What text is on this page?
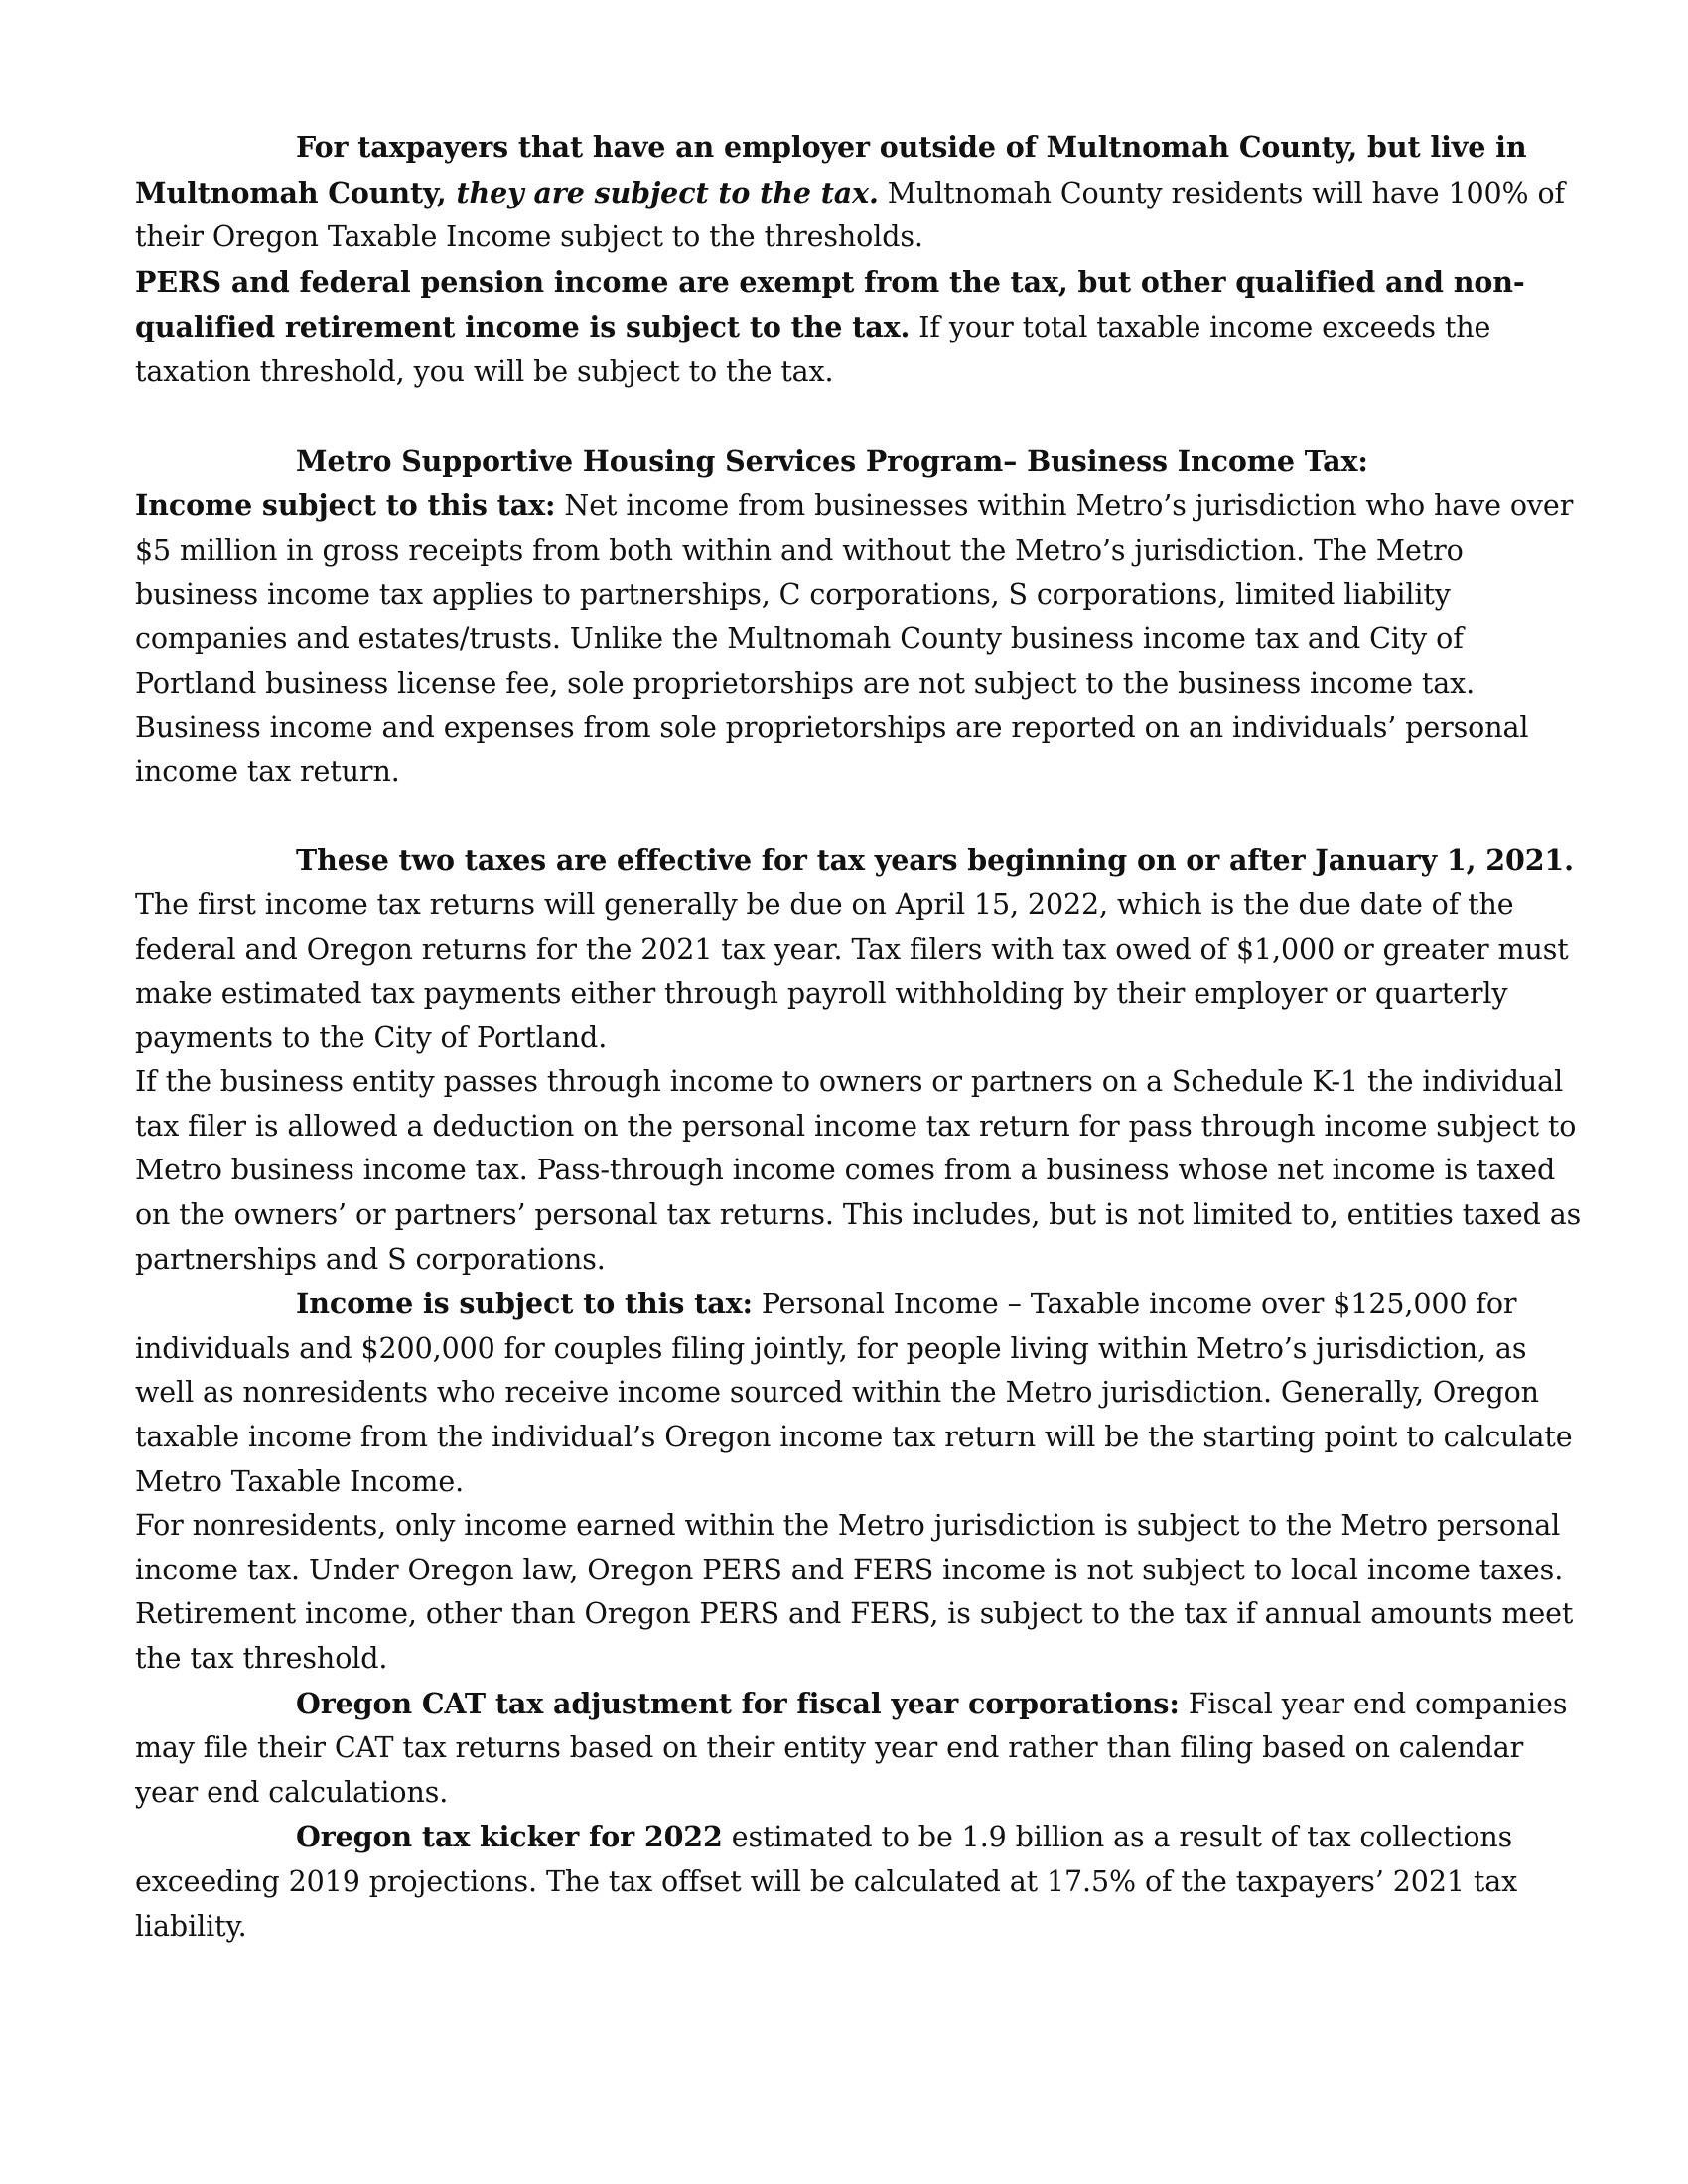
For taxpayers that have an employer outside of Multnomah County, but live in Multnomah County, they are subject to the tax. Multnomah County residents will have 100% of their Oregon Taxable Income subject to the thresholds.

PERS and federal pension income are exempt from the tax, but other qualified and non-qualified retirement income is subject to the tax. If your total taxable income exceeds the taxation threshold, you will be subject to the tax.

Metro Supportive Housing Services Program– Business Income Tax:

Income subject to this tax: Net income from businesses within Metro’s jurisdiction who have over $5 million in gross receipts from both within and without the Metro’s jurisdiction. The Metro business income tax applies to partnerships, C corporations, S corporations, limited liability companies and estates/trusts. Unlike the Multnomah County business income tax and City of Portland business license fee, sole proprietorships are not subject to the business income tax. Business income and expenses from sole proprietorships are reported on an individuals’ personal income tax return.

These two taxes are effective for tax years beginning on or after January 1, 2021. The first income tax returns will generally be due on April 15, 2022, which is the due date of the federal and Oregon returns for the 2021 tax year. Tax filers with tax owed of $1,000 or greater must make estimated tax payments either through payroll withholding by their employer or quarterly payments to the City of Portland.

If the business entity passes through income to owners or partners on a Schedule K-1 the individual tax filer is allowed a deduction on the personal income tax return for pass through income subject to Metro business income tax. Pass-through income comes from a business whose net income is taxed on the owners’ or partners’ personal tax returns. This includes, but is not limited to, entities taxed as partnerships and S corporations.

Income is subject to this tax: Personal Income – Taxable income over $125,000 for individuals and $200,000 for couples filing jointly, for people living within Metro’s jurisdiction, as well as nonresidents who receive income sourced within the Metro jurisdiction. Generally, Oregon taxable income from the individual’s Oregon income tax return will be the starting point to calculate Metro Taxable Income.

For nonresidents, only income earned within the Metro jurisdiction is subject to the Metro personal income tax. Under Oregon law, Oregon PERS and FERS income is not subject to local income taxes. Retirement income, other than Oregon PERS and FERS, is subject to the tax if annual amounts meet the tax threshold.

Oregon CAT tax adjustment for fiscal year corporations: Fiscal year end companies may file their CAT tax returns based on their entity year end rather than filing based on calendar year end calculations.

Oregon tax kicker for 2022 estimated to be 1.9 billion as a result of tax collections exceeding 2019 projections. The tax offset will be calculated at 17.5% of the taxpayers’ 2021 tax liability.
